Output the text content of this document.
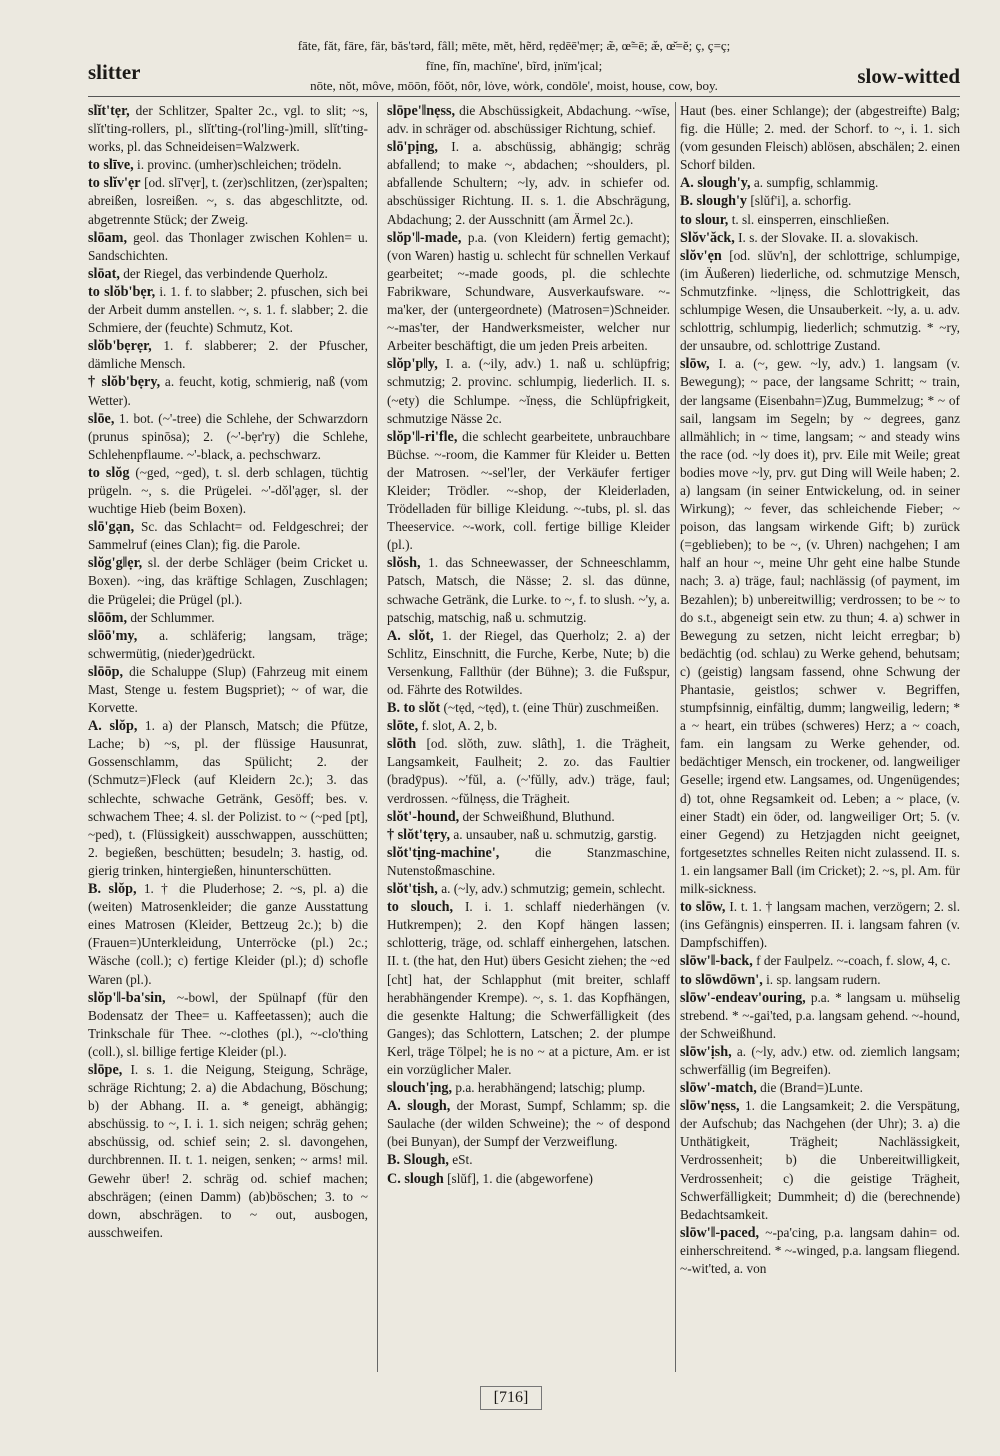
slitter
fāte, făt, fāre, fär, băs'tərd, fâll; mēte, mĕt, hẽrd, rẹdēē'mẹr; æ̃, œ̃=ē; æ̆, œ̆=ĕ; ç, ç=ç;
fīne, fĭn, machïne', bĩrd, ịnïm'ịcal;
nōte, nŏt, môve, mōōn, fŏŏt, nôr, lȯve, wȯrk, condōle', moist, house, cow, boy.	slow-witted

slĭt'tẹr, der Schlitzer, Spalter 2c., vgl. to slit; ~s, slĭt'ting-rollers, pl., slĭt'ting-(rol'ling-)mill, slĭt'ting-works, pl. das Schneideisen=Walzwerk.

to slīve, i. provinc. (umher)schleichen; trödeln.

to slĭv'ẹr [od. slī'vẹr], t. (zer)schlitzen, (zer)spalten; abreißen, losreißen. ~, s. das abgeschlitzte, od. abgetrennte Stück; der Zweig.

slōam, geol. das Thonlager zwischen Kohlen= u. Sandschichten.

slōat, der Riegel, das verbindende Querholz.

to slŏb'bẹr, i. 1. f. to slabber; 2. pfuschen, sich bei der Arbeit dumm anstellen. ~, s. 1. f. slabber; 2. die Schmiere, der (feuchte) Schmutz, Kot.

slŏb'bẹrẹr, 1. f. slabberer; 2. der Pfuscher, dämliche Mensch.

† slŏb'bẹry, a. feucht, kotig, schmierig, naß (vom Wetter).

slōe, 1. bot. (~'-tree) die Schlehe, der Schwarzdorn (prunus spinōsa); 2. (~'-bẹr'ry) die Schlehe, Schlehenpflaume. ~'-black, a. pechschwarz.

to slŏg (~ged, ~ged), t. sl. derb schlagen, tüchtig prügeln. ~, s. die Prügelei. ~'-dŏl'ạgẹr, sl. der wuchtige Hieb (beim Boxen).

slō'gạn, Sc. das Schlacht= od. Feldgeschrei; der Sammelruf (eines Clan); fig. die Parole.

slŏg'g‖ẹr, sl. der derbe Schläger (beim Cricket u. Boxen). ~ing, das kräftige Schlagen, Zuschlagen; die Prügelei; die Prügel (pl.).

slōōm, der Schlummer.

slōō'my, a. schläferig; langsam, träge; schwermütig, (nieder)gedrückt.

slōōp, die Schaluppe (Slup) (Fahrzeug mit einem Mast, Stenge u. festem Bugspriet); ~ of war, die Korvette.

A. slŏp, 1. a) der Plansch, Matsch; die Pfütze, Lache; b) ~s, pl. der flüssige Hausunrat, Gossenschlamm, das Spülicht; 2. der (Schmutz=)Fleck (auf Kleidern 2c.); 3. das schlechte, schwache Getränk, Gesöff; bes. v. schwachem Thee; 4. sl. der Polizist. to ~ (~ped [pt], ~ped), t. (Flüssigkeit) ausschwappen, ausschütten; 2. begießen, beschütten; besudeln; 3. hastig, od. gierig trinken, hintergießen, hinunterschütten.

B. slŏp, 1. † die Pluderhose; 2. ~s, pl. a) die (weiten) Matrosenkleider; die ganze Ausstattung eines Matrosen (Kleider, Bettzeug 2c.); b) die (Frauen=)Unterkleidung, Unterröcke (pl.) 2c.; Wäsche (coll.); c) fertige Kleider (pl.); d) schofle Waren (pl.).

slŏp'‖-ba'sin, ~-bowl, der Spülnapf (für den Bodensatz der Thee= u. Kaffeetassen); auch die Trinkschale für Thee. ~-clothes (pl.), ~-clo'thing (coll.), sl. billige fertige Kleider (pl.).

slōpe, I. s. 1. die Neigung, Steigung, Schräge, schräge Richtung; 2. a) die Abdachung, Böschung; b) der Abhang. II. a. * geneigt, abhängig; abschüssig. to ~, I. i. 1. sich neigen; schräg gehen; abschüssig, od. schief sein; 2. sl. davongehen, durchbrennen. II. t. 1. neigen, senken; ~ arms! mil. Gewehr über! 2. schräg od. schief machen; abschrägen; (einen Damm) (ab)böschen; 3. to ~ down, abschrägen. to ~ out, ausbogen, ausschweifen.

slōpe'‖nẹss, die Abschüssigkeit, Abdachung. ~wīse, adv. in schräger od. abschüssiger Richtung, schief.

slō'pịng, I. a. abschüssig, abhängig; schräg abfallend; to make ~, abdachen; ~shoulders, pl. abfallende Schultern; ~ly, adv. in schiefer od. abschüssiger Richtung. II. s. 1. die Abschrägung, Abdachung; 2. der Ausschnitt (am Ärmel 2c.).

slŏp'‖-made, p.a. (von Kleidern) fertig gemacht); (von Waren) hastig u. schlecht für schnellen Verkauf gearbeitet; ~-made goods, pl. die schlechte Fabrikware, Schundware, Ausverkaufsware. ~-ma'ker, der (untergeordnete) (Matrosen=)Schneider. ~-mas'ter, der Handwerksmeister, welcher nur Arbeiter beschäftigt, die um jeden Preis arbeiten.

slŏp'p‖y, I. a. (~ily, adv.) 1. naß u. schlüpfrig; schmutzig; 2. provinc. schlumpig, liederlich. II. s. (~ety) die Schlumpe. ~ĭnẹss, die Schlüpfrigkeit, schmutzige Nässe 2c.

slŏp'‖-ri'fle, die schlecht gearbeitete, unbrauchbare Büchse. ~-room, die Kammer für Kleider u. Betten der Matrosen. ~-sel'ler, der Verkäufer fertiger Kleider; Trödler. ~-shop, der Kleiderladen, Trödelladen für billige Kleidung. ~-tubs, pl. sl. das Theeservice. ~-work, coll. fertige billige Kleider (pl.).

slŏsh, 1. das Schneewasser, der Schneeschlamm, Patsch, Matsch, die Nässe; 2. sl. das dünne, schwache Getränk, die Lurke. to ~, f. to slush. ~'y, a. patschig, matschig, naß u. schmutzig.

A. slŏt, 1. der Riegel, das Querholz; 2. a) der Schlitz, Einschnitt, die Furche, Kerbe, Nute; b) die Versenkung, Fallthür (der Bühne); 3. die Fußspur, od. Fährte des Rotwildes.

B. to slŏt (~tẹd, ~tẹd), t. (eine Thür) zuschmeißen.

slōte, f. slot, A. 2, b.

slōth [od. slŏth, zuw. slâth], 1. die Trägheit, Langsamkeit, Faulheit; 2. zo. das Faultier (bradȳpus). ~'fŭl, a. (~'fŭlly, adv.) träge, faul; verdrossen. ~fŭlnẹss, die Trägheit.

slŏt'-hound, der Schweißhund, Bluthund.

† slŏt'tẹry, a. unsauber, naß u. schmutzig, garstig.

slŏt'tịng-machine',	die Stanzmaschine, Nutenstoßmaschine.

slŏt'tịsh, a. (~ly, adv.) schmutzig; gemein, schlecht.

to slouch, I. i. 1. schlaff niederhängen (v. Hutkrempen); 2. den Kopf hängen lassen; schlotterig, träge, od. schlaff einhergehen, latschen. II. t. (the hat, den Hut) übers Gesicht ziehen; the ~ed [cht] hat, der Schlapphut (mit breiter, schlaff herabhängender Krempe). ~, s. 1. das Kopfhängen, die gesenkte Haltung; die Schwerfälligkeit (des Ganges); das Schlottern, Latschen; 2. der plumpe Kerl, träge Tölpel; he is no ~ at a picture, Am. er ist ein vorzüglicher Maler.

slouch'ịng, p.a. herabhängend; latschig; plump.

A. slough, der Morast, Sumpf, Schlamm; sp. die Saulache (der wilden Schweine); the ~ of despond (bei Bunyan), der Sumpf der Verzweiflung.

B. Slough, eSt.

C. slough [slŭf], 1. die (abgeworfene)

Haut (bes. einer Schlange); der (abgestreifte) Balg; fig. die Hülle; 2. med. der Schorf. to ~, i. 1. sich (vom gesunden Fleisch) ablösen, abschälen; 2. einen Schorf bilden.

A. slough'y, a. sumpfig, schlammig.

B. slough'y [slŭf'i], a. schorfig.

to slour, t. sl. einsperren, einschließen.

Slŏv'ăck, I. s. der Slovake. II. a. slovakisch.

slŏv'ẹn [od. slŭv'n], der schlottrige, schlumpige, (im Äußeren) liederliche, od. schmutzige Mensch, Schmutzfinke. ~lịnẹss, die Schlottrigkeit, das schlumpige Wesen, die Unsauberkeit. ~ly, a. u. adv. schlottrig, schlumpig, liederlich; schmutzig. * ~ry, der unsaubre, od. schlottrige Zustand.

slōw, I. a. (~, gew. ~ly, adv.) 1. langsam (v. Bewegung); ~ pace, der langsame Schritt; ~ train, der langsame (Eisenbahn=)Zug, Bummelzug; * ~ of sail, langsam im Segeln; by ~ degrees, ganz allmählich; in ~ time, langsam; ~ and steady wins the race (od. ~ly does it), prv. Eile mit Weile; great bodies move ~ly, prv. gut Ding will Weile haben; 2. a) langsam (in seiner Entwickelung, od. in seiner Wirkung); ~ fever, das schleichende Fieber; ~ poison, das langsam wirkende Gift; b) zurück (=geblieben); to be ~, (v. Uhren) nachgehen; I am half an hour ~, meine Uhr geht eine halbe Stunde nach; 3. a) träge, faul; nachlässig (of payment, im Bezahlen); b) unbereitwillig; verdrossen; to be ~ to do s.t., abgeneigt sein etw. zu thun; 4. a) schwer in Bewegung zu setzen, nicht leicht erregbar; b) bedächtig (od. schlau) zu Werke gehend, behutsam; c) (geistig) langsam fassend, ohne Schwung der Phantasie, geistlos; schwer v. Begriffen, stumpfsinnig, einfältig, dumm; langweilig, ledern; * a ~ heart, ein trübes (schweres) Herz; a ~ coach, fam. ein langsam zu Werke gehender, od. bedächtiger Mensch, ein trockener, od. langweiliger Geselle; irgend etw. Langsames, od. Ungenügendes; d) tot, ohne Regsamkeit od. Leben; a ~ place, (v. einer Stadt) ein öder, od. langweiliger Ort; 5. (v. einer Gegend) zu Hetzjagden nicht geeignet, fortgesetztes schnelles Reiten nicht zulassend. II. s. 1. ein langsamer Ball (im Cricket); 2. ~s, pl. Am. für milk-sickness.

to slōw, I. t. 1. † langsam machen, verzögern; 2. sl. (ins Gefängnis) einsperren. II. i. langsam fahren (v. Dampfschiffen).

slōw'‖-back, f der Faulpelz. ~-coach, f. slow, 4, c.

to slōwdōwn', i. sp. langsam rudern.

slōw'-endeav'ouring, p.a. * langsam u. mühselig strebend. * ~-gai'ted, p.a. langsam gehend. ~-hound, der Schweißhund.

slōw'ịsh, a. (~ly, adv.) etw. od. ziemlich langsam; schwerfällig (im Begreifen).

slōw'-match, die (Brand=)Lunte.

slōw'nẹss, 1. die Langsamkeit; 2. die Verspätung, der Aufschub; das Nachgehen (der Uhr); 3. a) die Unthätigkeit, Trägheit; Nachlässigkeit, Verdrossenheit; b) die Unbereitwilligkeit, Verdrossenheit; c) die geistige Trägheit, Schwerfälligkeit; Dummheit; d) die (berechnende) Bedachtsamkeit.

slōw'‖-paced, ~-pa'cing, p.a. langsam dahin= od. einherschreitend. * ~-winged, p.a. langsam fliegend. ~-wit'ted, a. von

[716]
